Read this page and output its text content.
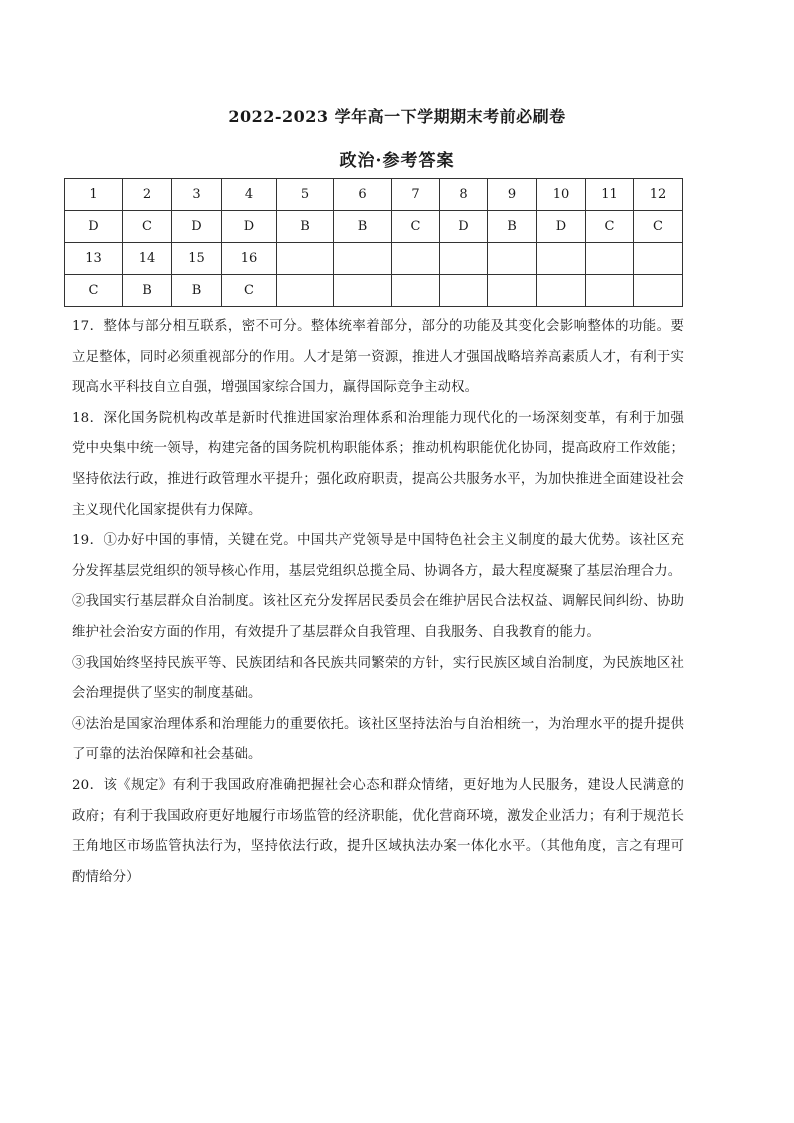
2022-2023 学年高一下学期期末考前必刷卷
政治·参考答案
1	2	3	4	5	6	7	8	9	10	11	12
D	C	D	D	B	B	C	D	B	D	C	C
13	14	15	16								
C	B	B	C								

17．整体与部分相互联系，密不可分。整体统率着部分，部分的功能及其变化会影响整体的功能。要立足整体，同时必须重视部分的作用。人才是第一资源，推进人才强国战略培养高素质人才，有利于实现高水平科技自立自强，增强国家综合国力，赢得国际竞争主动权。

18．深化国务院机构改革是新时代推进国家治理体系和治理能力现代化的一场深刻变革，有利于加强党中央集中统一领导，构建完备的国务院机构职能体系；推动机构职能优化协同，提高政府工作效能；坚持依法行政，推进行政管理水平提升；强化政府职责，提高公共服务水平，为加快推进全面建设社会主义现代化国家提供有力保障。

19．①办好中国的事情，关键在党。中国共产党领导是中国特色社会主义制度的最大优势。该社区充分发挥基层党组织的领导核心作用，基层党组织总揽全局、协调各方，最大程度凝聚了基层治理合力。

②我国实行基层群众自治制度。该社区充分发挥居民委员会在维护居民合法权益、调解民间纠纷、协助维护社会治安方面的作用，有效提升了基层群众自我管理、自我服务、自我教育的能力。

③我国始终坚持民族平等、民族团结和各民族共同繁荣的方针，实行民族区域自治制度，为民族地区社会治理提供了坚实的制度基础。

④法治是国家治理体系和治理能力的重要依托。该社区坚持法治与自治相统一，为治理水平的提升提供了可靠的法治保障和社会基础。

20．该《规定》有利于我国政府准确把握社会心态和群众情绪，更好地为人民服务，建设人民满意的政府；有利于我国政府更好地履行市场监管的经济职能，优化营商环境，激发企业活力；有利于规范长王角地区市场监管执法行为，坚持依法行政，提升区域执法办案一体化水平。（其他角度，言之有理可酌情给分）
